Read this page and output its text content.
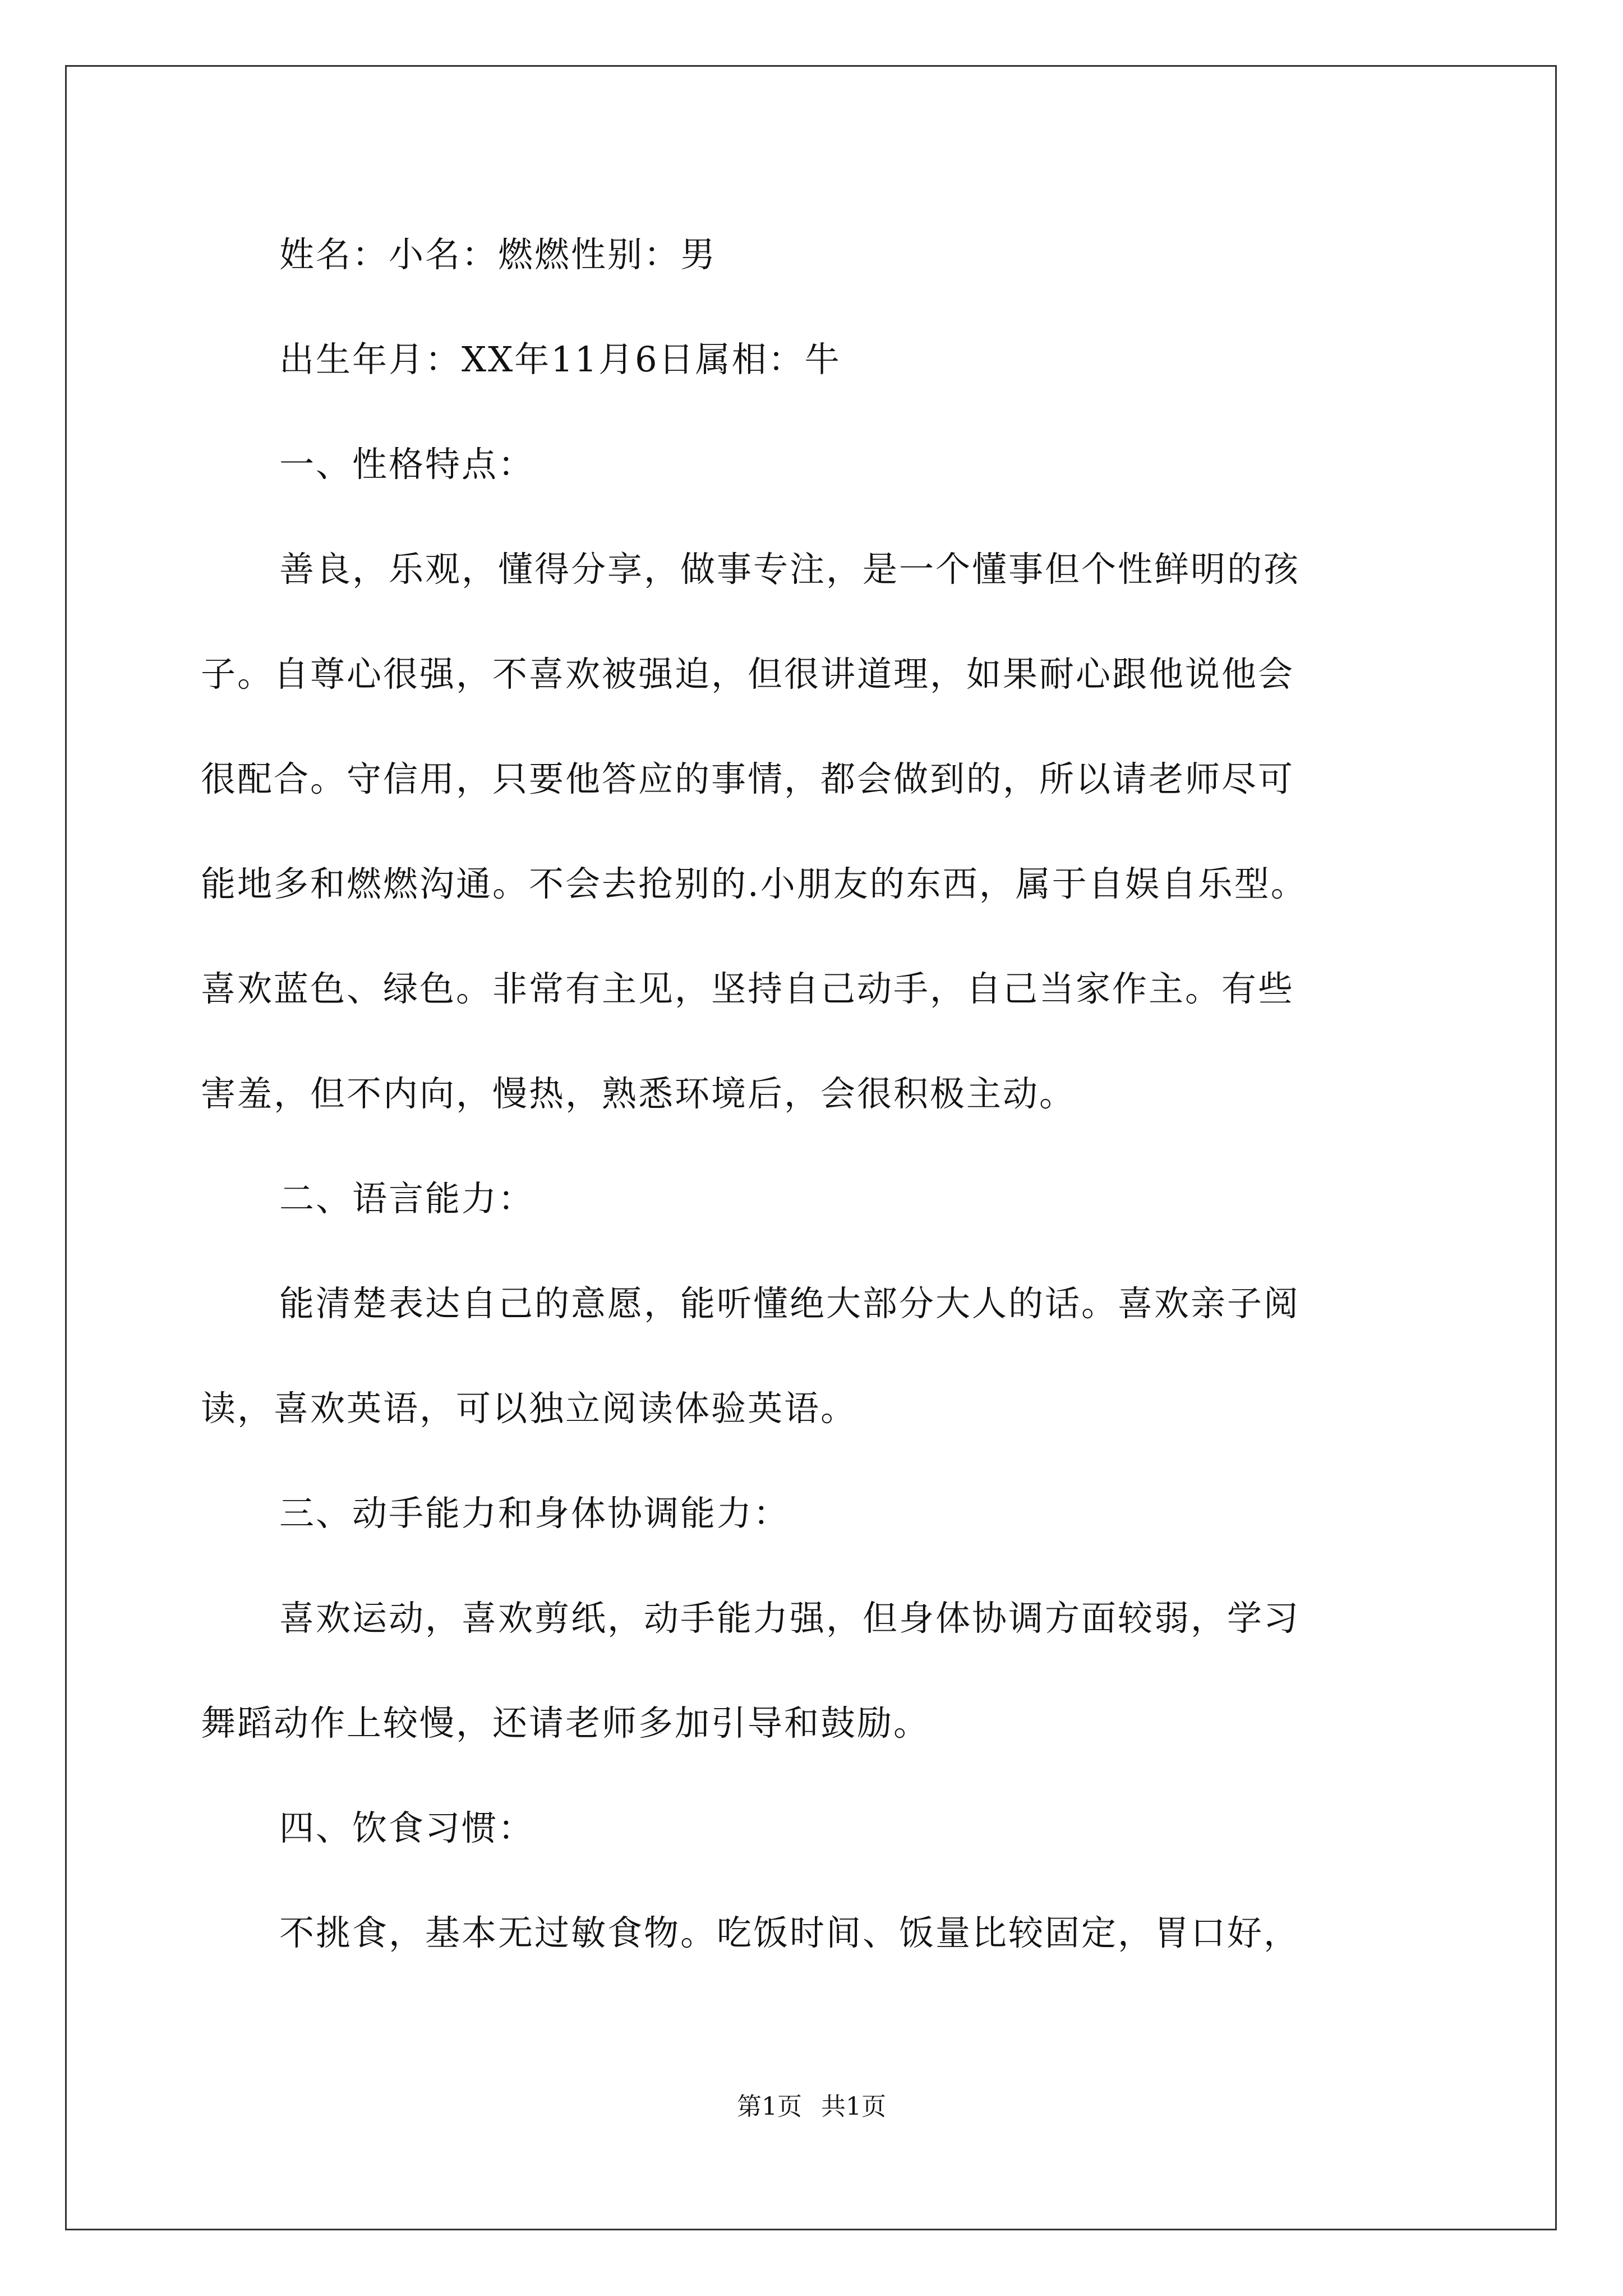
姓名：小名：燃燃性别：男
出生年月：XX年11月6日属相：牛
一、性格特点：
善良，乐观，懂得分享，做事专注，是一个懂事但个性鲜明的孩
子。自尊心很强，不喜欢被强迫，但很讲道理，如果耐心跟他说他会
很配合。守信用，只要他答应的事情，都会做到的，所以请老师尽可
能地多和燃燃沟通。不会去抢别的.小朋友的东西，属于自娱自乐型。
喜欢蓝色、绿色。非常有主见，坚持自己动手，自己当家作主。有些
害羞，但不内向，慢热，熟悉环境后，会很积极主动。
二、语言能力：
能清楚表达自己的意愿，能听懂绝大部分大人的话。喜欢亲子阅
读，喜欢英语，可以独立阅读体验英语。
三、动手能力和身体协调能力：
喜欢运动，喜欢剪纸，动手能力强，但身体协调方面较弱，学习
舞蹈动作上较慢，还请老师多加引导和鼓励。
四、饮食习惯：
不挑食，基本无过敏食物。吃饭时间、饭量比较固定，胃口好，
第1页 共1页
